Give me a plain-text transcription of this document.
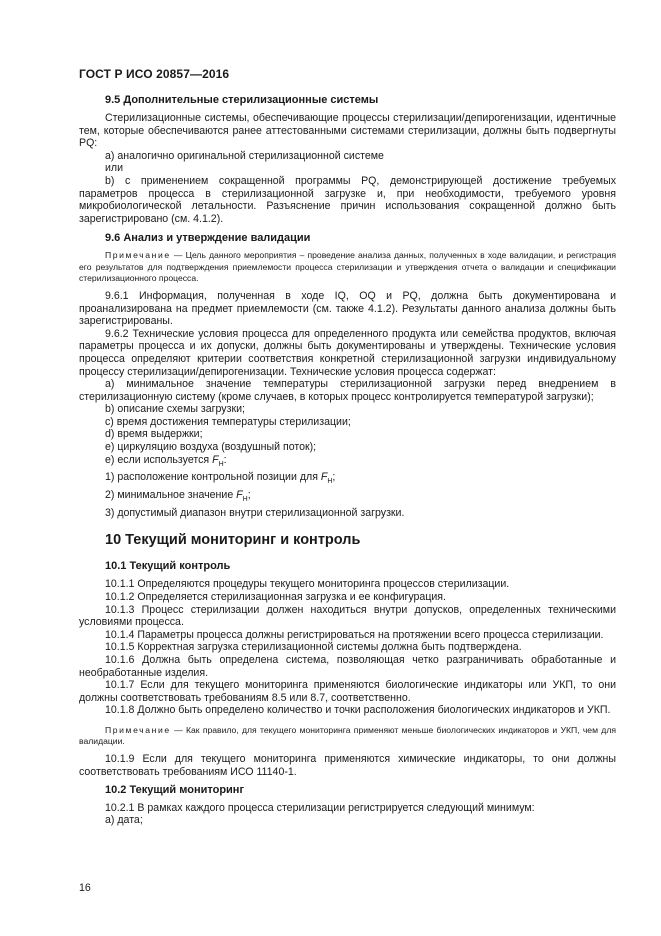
ГОСТ Р ИСО 20857—2016
9.5 Дополнительные стерилизационные системы

Стерилизационные системы, обеспечивающие процессы стерилизации/депирогенизации, идентичные тем, которые обеспечиваются ранее аттестованными системами стерилизации, должны быть подвергнуты PQ:

a) аналогично оригинальной стерилизационной системе

или

b) с применением сокращенной программы PQ, демонстрирующей достижение требуемых параметров процесса в стерилизационной загрузке и, при необходимости, требуемого уровня микробиологической летальности. Разъяснение причин использования сокращенной должно быть зарегистрировано (см. 4.1.2).

9.6 Анализ и утверждение валидации

Примечание — Цель данного мероприятия – проведение анализа данных, полученных в ходе валидации, и регистрация его результатов для подтверждения приемлемости процесса стерилизации и утверждения отчета о валидации и спецификации стерилизационного процесса.

9.6.1 Информация, полученная в ходе IQ, OQ и PQ, должна быть документирована и проанализирована на предмет приемлемости (см. также 4.1.2). Результаты данного анализа должны быть зарегистрированы.

9.6.2 Технические условия процесса для определенного продукта или семейства продуктов, включая параметры процесса и их допуски, должны быть документированы и утверждены. Технические условия процесса определяют критерии соответствия конкретной стерилизационной загрузки индивидуальному процессу стерилизации/депирогенизации. Технические условия процесса содержат:

a) минимальное значение температуры стерилизационной загрузки перед внедрением в стерилизационную систему (кроме случаев, в которых процесс контролируется температурой загрузки);

b) описание схемы загрузки;

c) время достижения температуры стерилизации;

d) время выдержки;

e) циркуляцию воздуха (воздушный поток);

e) если используется $F_H$:

1) расположение контрольной позиции для $F_H$;

2) минимальное значение $F_H$;

3) допустимый диапазон внутри стерилизационной загрузки.

10 Текущий мониторинг и контроль
10.1 Текущий контроль

10.1.1 Определяются процедуры текущего мониторинга процессов стерилизации.

10.1.2 Определяется стерилизационная загрузка и ее конфигурация.

10.1.3 Процесс стерилизации должен находиться внутри допусков, определенных техническими условиями процесса.

10.1.4 Параметры процесса должны регистрироваться на протяжении всего процесса стерилизации.

10.1.5 Корректная загрузка стерилизационной системы должна быть подтверждена.

10.1.6 Должна быть определена система, позволяющая четко разграничивать обработанные и необработанные изделия.

10.1.7 Если для текущего мониторинга применяются биологические индикаторы или УКП, то они должны соответствовать требованиям 8.5 или 8.7, соответственно.

10.1.8 Должно быть определено количество и точки расположения биологических индикаторов и УКП.

Примечание — Как правило, для текущего мониторинга применяют меньше биологических индикаторов и УКП, чем для валидации.

10.1.9 Если для текущего мониторинга применяются химические индикаторы, то они должны соответствовать требованиям ИСО 11140-1.

10.2 Текущий мониторинг

10.2.1 В рамках каждого процесса стерилизации регистрируется следующий минимум:

a) дата;

16
